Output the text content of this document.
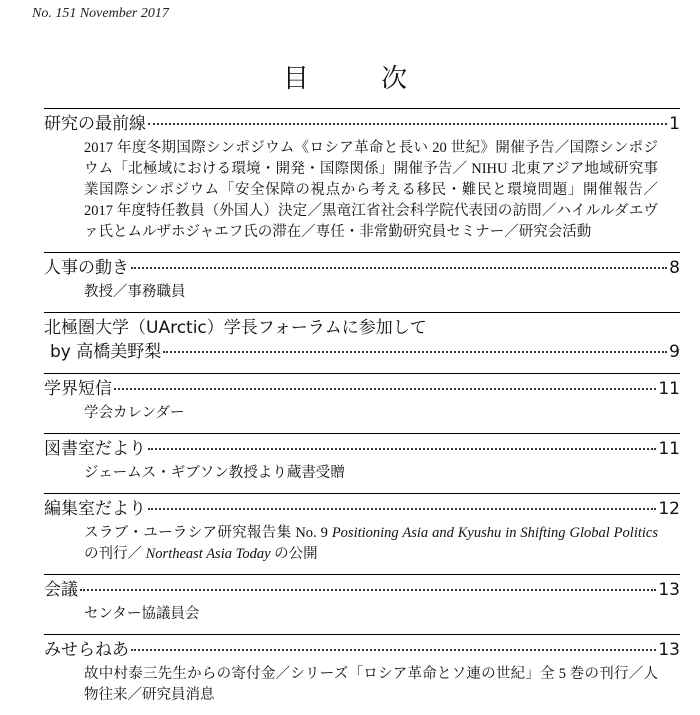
No. 151 November 2017
目 次
研究の最前線	1
2017 年度冬期国際シンポジウム《ロシア革命と長い 20 世紀》開催予告／国際シンポジウム「北極域における環境・開発・国際関係」開催予告／ NIHU 北東アジア地域研究事業国際シンポジウム「安全保障の視点から考える移民・難民と環境問題」開催報告／ 2017 年度特任教員（外国人）決定／黒竜江省社会科学院代表団の訪問／ハイルルダエヴァ氏とムルザホジャエフ氏の滞在／専任・非常勤研究員セミナー／研究会活動
人事の動き	8
教授／事務職員
北極圏大学（UArctic）学長フォーラムに参加して
by 高橋美野梨	9
学界短信	11
学会カレンダー
図書室だより	11
ジェームス・ギブソン教授より蔵書受贈
編集室だより	12
スラブ・ユーラシア研究報告集 No. 9 Positioning Asia and Kyushu in Shifting Global Politics の刊行／ Northeast Asia Today の公開
会議	13
センター協議員会
みせらねあ	13
故中村泰三先生からの寄付金／シリーズ「ロシア革命とソ連の世紀」全 5 巻の刊行／人物往来／研究員消息
